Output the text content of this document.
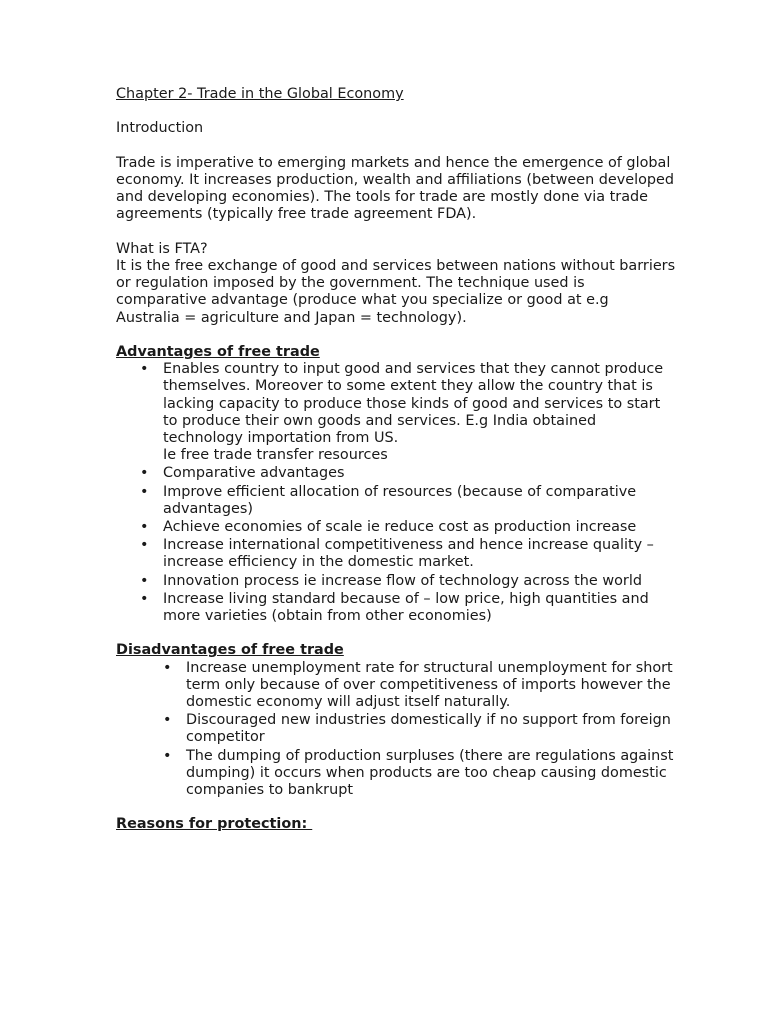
Chapter 2- Trade in the Global Economy

Introduction

Trade is imperative to emerging markets and hence the emergence of global economy. It increases production, wealth and affiliations (between developed and developing economies). The tools for trade are mostly done via trade agreements (typically free trade agreement FDA).

What is FTA?

It is the free exchange of good and services between nations without barriers or regulation imposed by the government. The technique used is comparative advantage (produce what you specialize or good at e.g Australia = agriculture and Japan = technology).

Advantages of free trade

• Enables country to input good and services that they cannot produce themselves. Moreover to some extent they allow the country that is lacking capacity to produce those kinds of good and services to start to produce their own goods and services. E.g India obtained technology importation from US.
Ie free trade transfer resources
• Comparative advantages
• Improve efficient allocation of resources (because of comparative advantages)
• Achieve economies of scale ie reduce cost as production increase
• Increase international competitiveness and hence increase quality – increase efficiency in the domestic market.
• Innovation process ie increase flow of technology across the world
• Increase living standard because of – low price, high quantities and more varieties (obtain from other economies)

Disadvantages of free trade

• Increase unemployment rate for structural unemployment for short term only because of over competitiveness of imports however the domestic economy will adjust itself naturally.
• Discouraged new industries domestically if no support from foreign competitor
• The dumping of production surpluses (there are regulations against dumping) it occurs when products are too cheap causing domestic companies to bankrupt

Reasons for protection:
